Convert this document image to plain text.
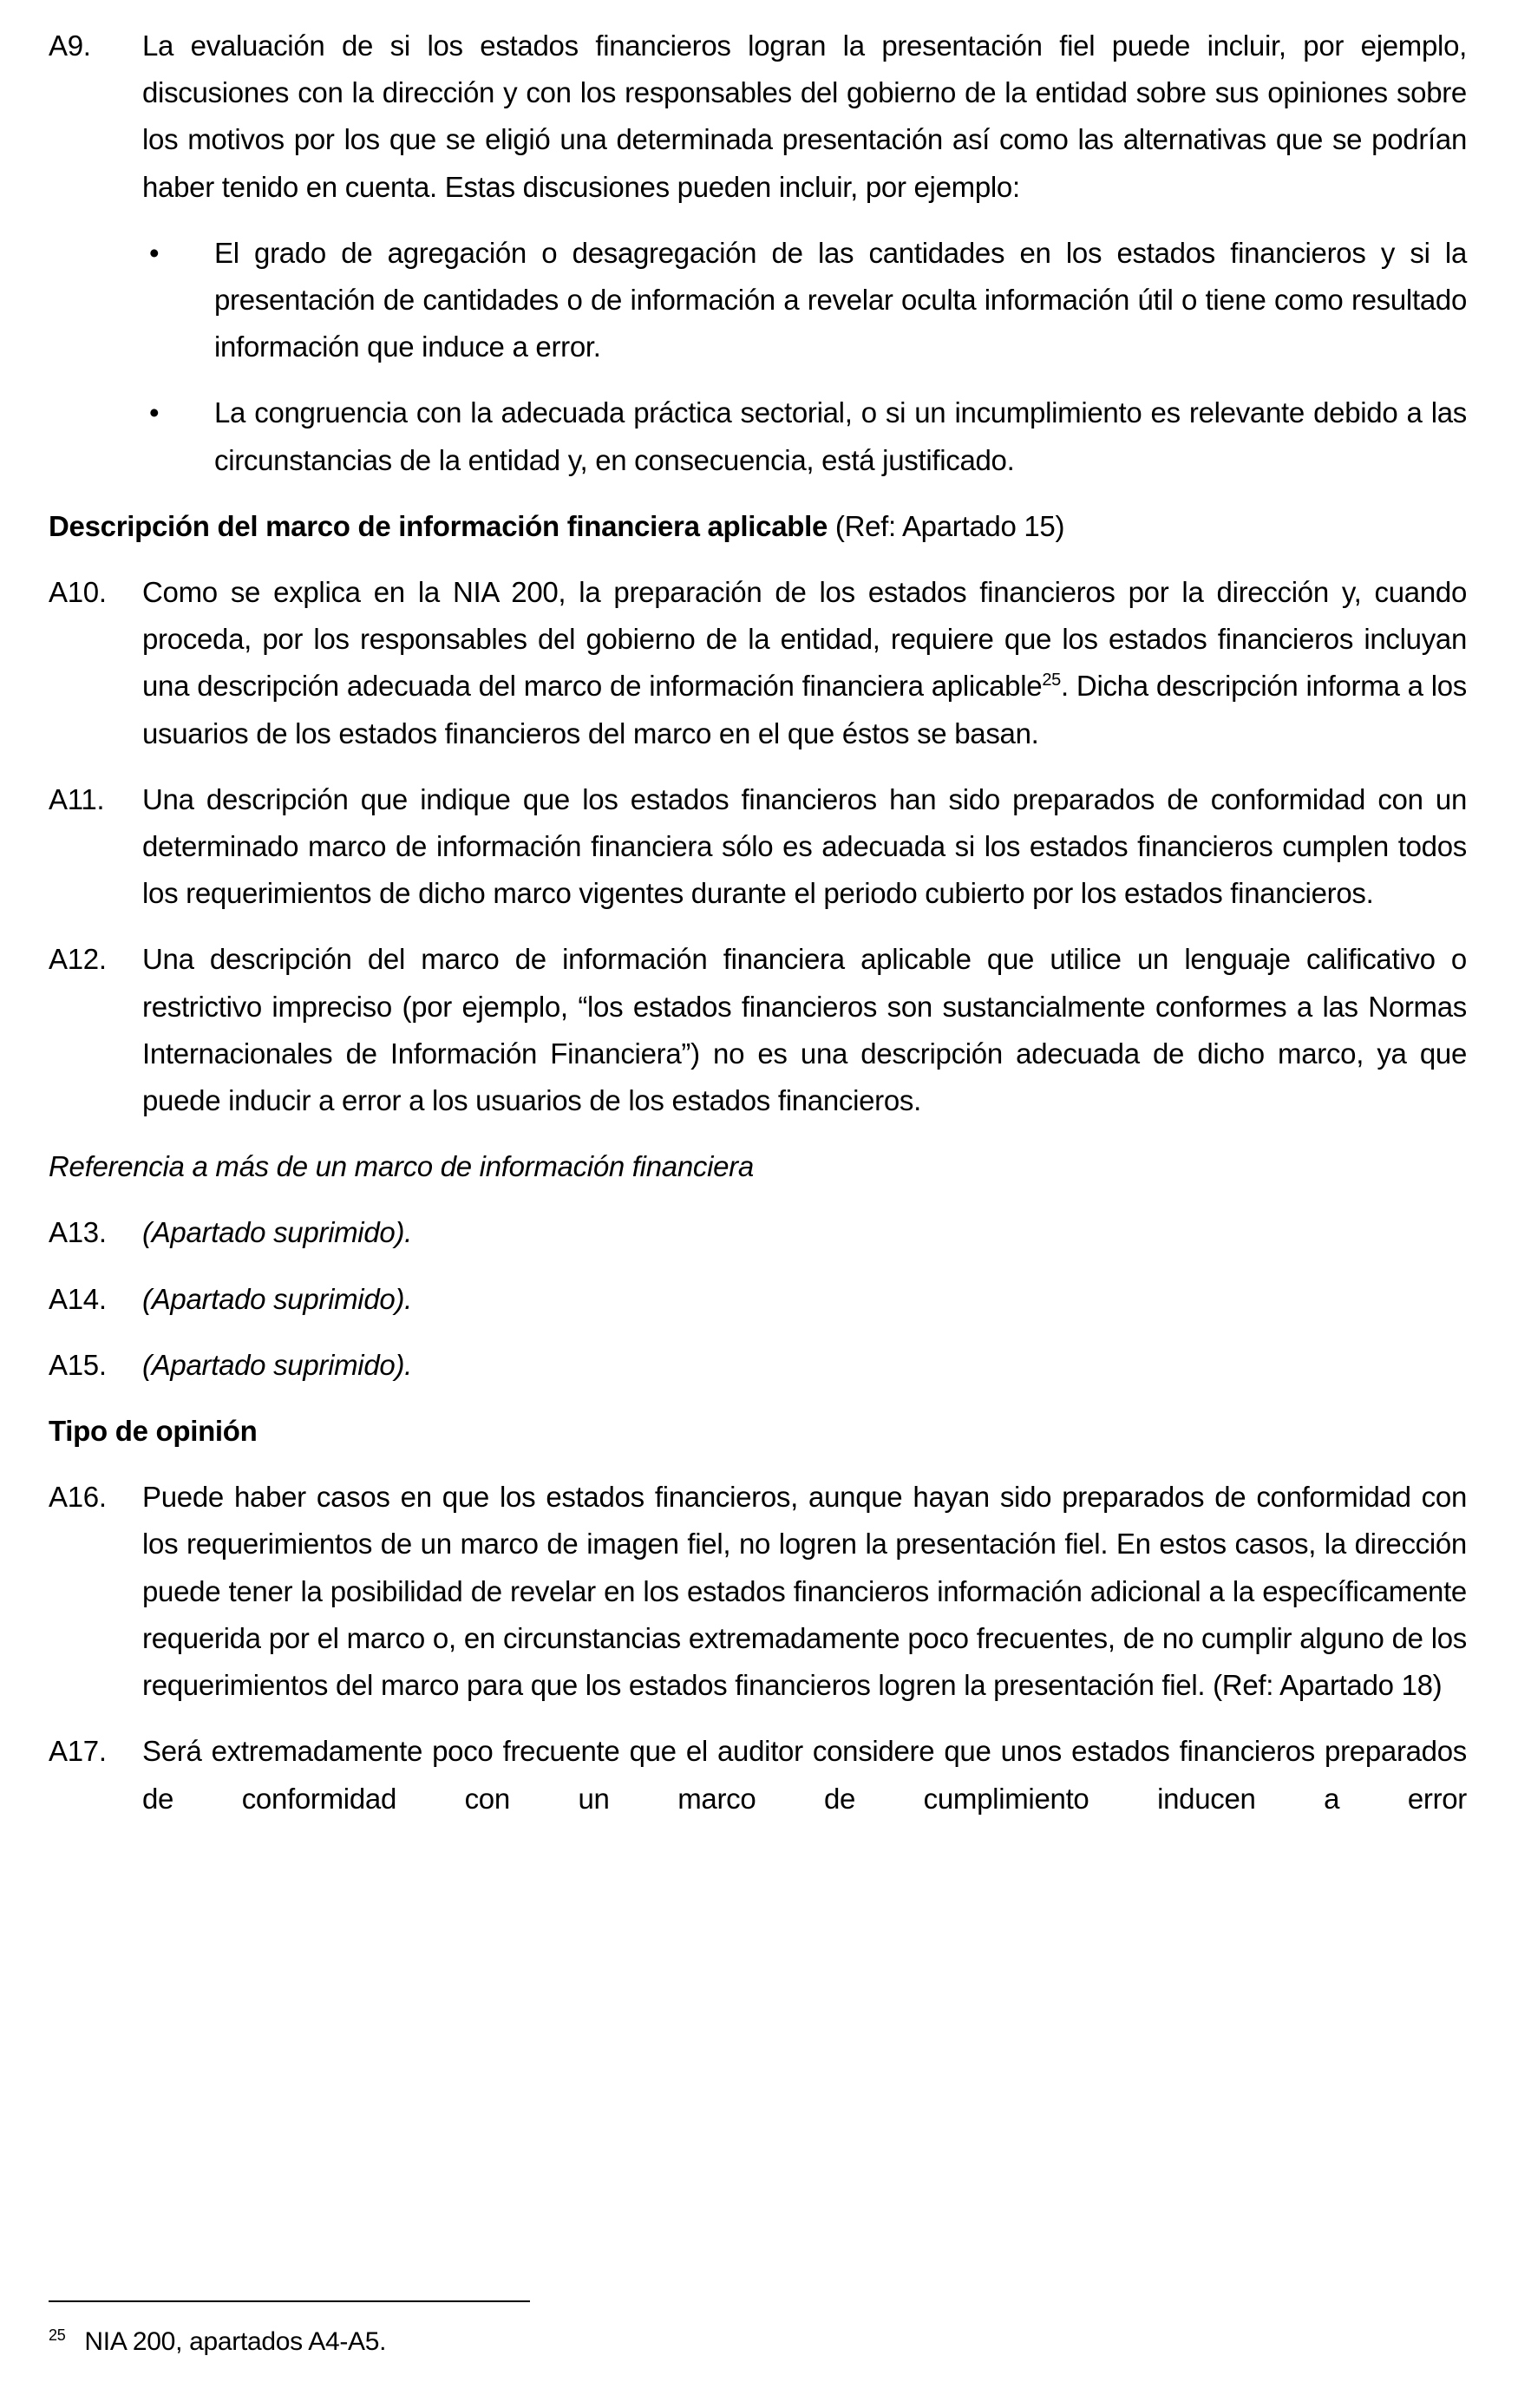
A9. La evaluación de si los estados financieros logran la presentación fiel puede incluir, por ejemplo, discusiones con la dirección y con los responsables del gobierno de la entidad sobre sus opiniones sobre los motivos por los que se eligió una determinada presentación así como las alternativas que se podrían haber tenido en cuenta. Estas discusiones pueden incluir, por ejemplo:
• El grado de agregación o desagregación de las cantidades en los estados financieros y si la presentación de cantidades o de información a revelar oculta información útil o tiene como resultado información que induce a error.
• La congruencia con la adecuada práctica sectorial, o si un incumplimiento es relevante debido a las circunstancias de la entidad y, en consecuencia, está justificado.
Descripción del marco de información financiera aplicable (Ref: Apartado 15)
A10. Como se explica en la NIA 200, la preparación de los estados financieros por la dirección y, cuando proceda, por los responsables del gobierno de la entidad, requiere que los estados financieros incluyan una descripción adecuada del marco de información financiera aplicable$^{25}$. Dicha descripción informa a los usuarios de los estados financieros del marco en el que éstos se basan.
A11. Una descripción que indique que los estados financieros han sido preparados de conformidad con un determinado marco de información financiera sólo es adecuada si los estados financieros cumplen todos los requerimientos de dicho marco vigentes durante el periodo cubierto por los estados financieros.
A12. Una descripción del marco de información financiera aplicable que utilice un lenguaje calificativo o restrictivo impreciso (por ejemplo, “los estados financieros son sustancialmente conformes a las Normas Internacionales de Información Financiera”) no es una descripción adecuada de dicho marco, ya que puede inducir a error a los usuarios de los estados financieros.
Referencia a más de un marco de información financiera
A13. (Apartado suprimido).
A14. (Apartado suprimido).
A15. (Apartado suprimido).
Tipo de opinión
A16. Puede haber casos en que los estados financieros, aunque hayan sido preparados de conformidad con los requerimientos de un marco de imagen fiel, no logren la presentación fiel. En estos casos, la dirección puede tener la posibilidad de revelar en los estados financieros información adicional a la específicamente requerida por el marco o, en circunstancias extremadamente poco frecuentes, de no cumplir alguno de los requerimientos del marco para que los estados financieros logren la presentación fiel. (Ref: Apartado 18)
A17. Será extremadamente poco frecuente que el auditor considere que unos estados financieros preparados de conformidad con un marco de cumplimiento inducen a error
$^{25}$ NIA 200, apartados A4-A5.
